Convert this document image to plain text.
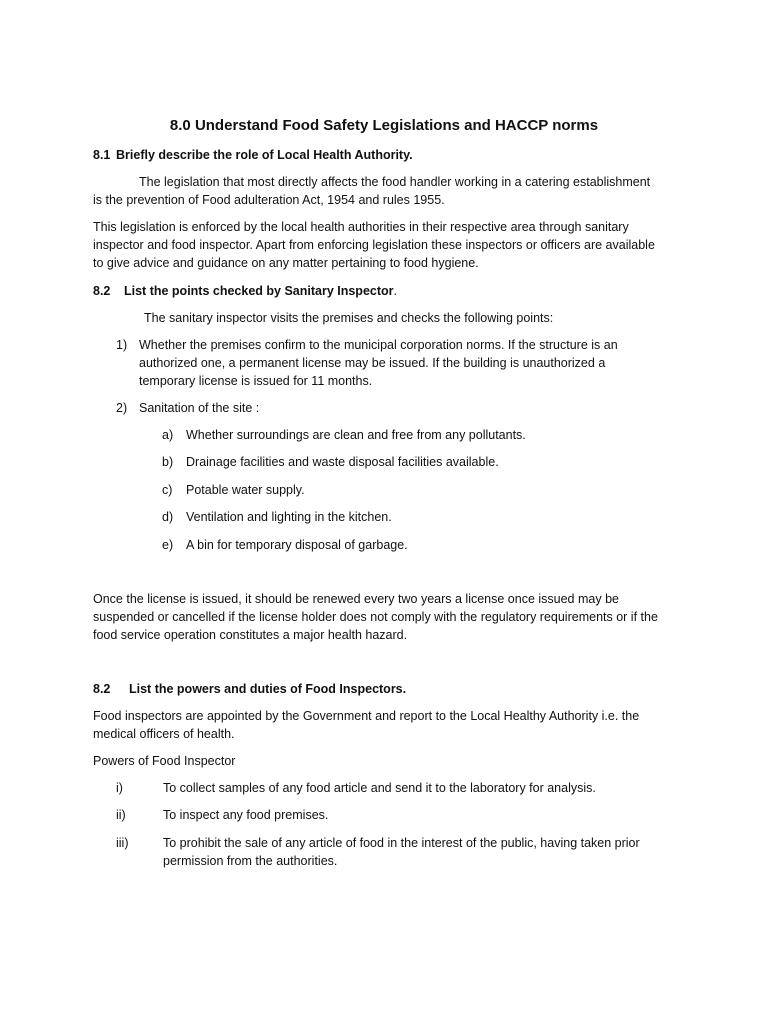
8.0 Understand Food Safety Legislations and HACCP norms
8.1 Briefly describe the role of Local Health Authority.

The legislation that most directly affects the food handler working in a catering establishment is the prevention of Food adulteration Act, 1954 and rules 1955.

This legislation is enforced by the local health authorities in their respective area through sanitary inspector and food inspector. Apart from enforcing legislation these inspectors or officers are available to give advice and guidance on any matter pertaining to food hygiene.

8.2 List the points checked by Sanitary Inspector.

The sanitary inspector visits the premises and checks the following points:

1) Whether the premises confirm to the municipal corporation norms. If the structure is an authorized one, a permanent license may be issued. If the building is unauthorized a temporary license is issued for 11 months.

2) Sanitation of the site :

a) Whether surroundings are clean and free from any pollutants.

b) Drainage facilities and waste disposal facilities available.

c) Potable water supply.

d) Ventilation and lighting in the kitchen.

e) A bin for temporary disposal of garbage.

Once the license is issued, it should be renewed every two years a license once issued may be suspended or cancelled if the license holder does not comply with the regulatory requirements or if the food service operation constitutes a major health hazard.

8.2 List the powers and duties of Food Inspectors.

Food inspectors are appointed by the Government and report to the Local Healthy Authority i.e. the medical officers of health.

Powers of Food Inspector

i)	To collect samples of any food article and send it to the laboratory for analysis.

ii)	To inspect any food premises.

iii)	To prohibit the sale of any article of food in the interest of the public, having taken prior permission from the authorities.
